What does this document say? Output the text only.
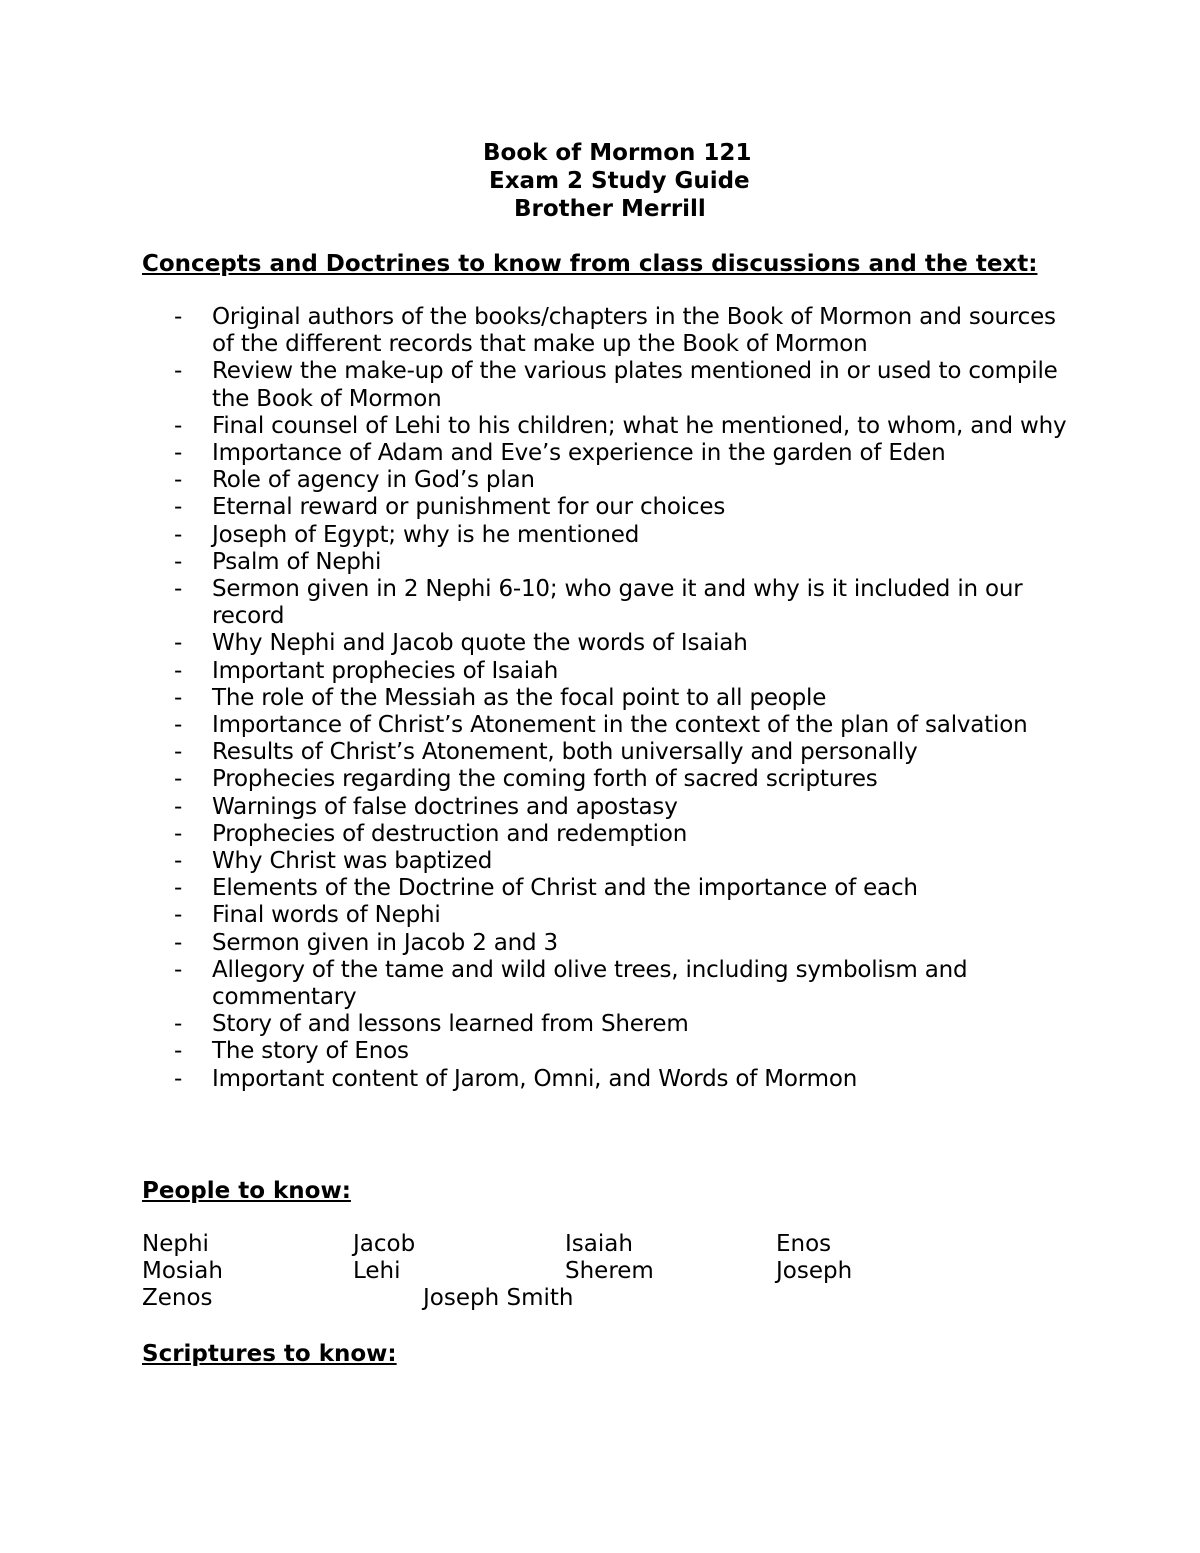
Book of Mormon 121
Exam 2 Study Guide
Brother Merrill
Concepts and Doctrines to know from class discussions and the text:
- Original authors of the books/chapters in the Book of Mormon and sources of the different records that make up the Book of Mormon
- Review the make-up of the various plates mentioned in or used to compile the Book of Mormon
- Final counsel of Lehi to his children; what he mentioned, to whom, and why
- Importance of Adam and Eve’s experience in the garden of Eden
- Role of agency in God’s plan
- Eternal reward or punishment for our choices
- Joseph of Egypt; why is he mentioned
- Psalm of Nephi
- Sermon given in 2 Nephi 6-10; who gave it and why is it included in our record
- Why Nephi and Jacob quote the words of Isaiah
- Important prophecies of Isaiah
- The role of the Messiah as the focal point to all people
- Importance of Christ’s Atonement in the context of the plan of salvation
- Results of Christ’s Atonement, both universally and personally
- Prophecies regarding the coming forth of sacred scriptures
- Warnings of false doctrines and apostasy
- Prophecies of destruction and redemption
- Why Christ was baptized
- Elements of the Doctrine of Christ and the importance of each
- Final words of Nephi
- Sermon given in Jacob 2 and 3
- Allegory of the tame and wild olive trees, including symbolism and commentary
- Story of and lessons learned from Sherem
- The story of Enos
- Important content of Jarom, Omni, and Words of Mormon
People to know:
Nephi	Jacob	Isaiah	Enos
Mosiah	Lehi	Sherem	Joseph
Zenos	Joseph Smith
Scriptures to know:
